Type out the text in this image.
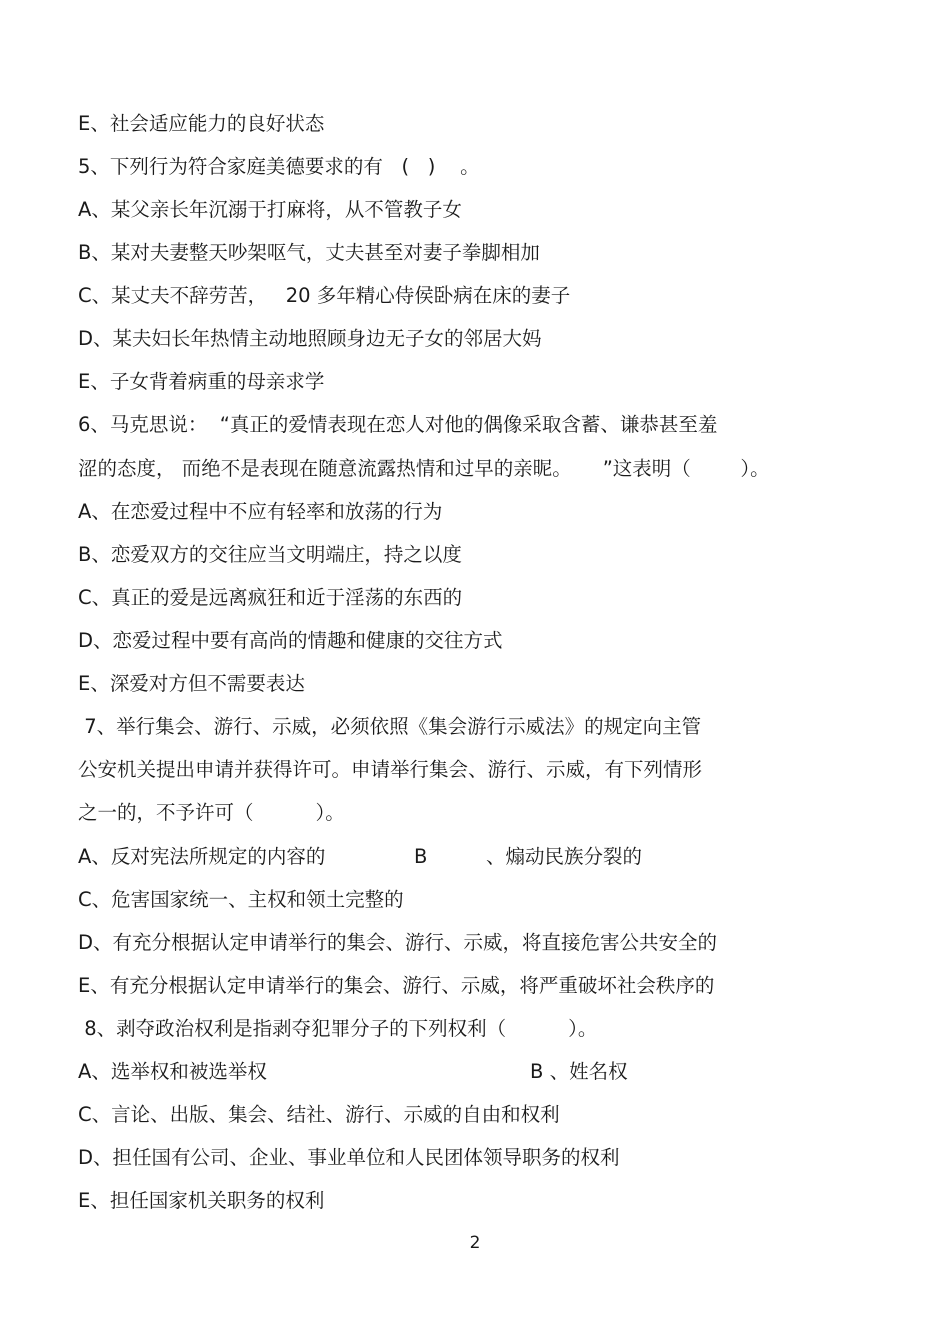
E、社会适应能力的良好状态
5、下列行为符合家庭美德要求的有   (   )    。
A、某父亲长年沉溺于打麻将，从不管教子女
B、某对夫妻整天吵架呕气，丈夫甚至对妻子拳脚相加
C、某丈夫不辞劳苦，   20 多年精心侍侯卧病在床的妻子
D、某夫妇长年热情主动地照顾身边无子女的邻居大妈
E、子女背着病重的母亲求学
6、马克思说：  “真正的爱情表现在恋人对他的偶像采取含蓄、谦恭甚至羞
涩的态度， 而绝不是表现在随意流露热情和过早的亲昵。     ”这表明（        ）。
A、在恋爱过程中不应有轻率和放荡的行为
B、恋爱双方的交往应当文明端庄，持之以度
C、真正的爱是远离疯狂和近于淫荡的东西的
D、恋爱过程中要有高尚的情趣和健康的交往方式
E、深爱对方但不需要表达
7、举行集会、游行、示威，必须依照《集会游行示威法》的规定向主管
公安机关提出申请并获得许可。申请举行集会、游行、示威，有下列情形
之一的，不予许可（          ）。
A、反对宪法所规定的内容的	B	、煽动民族分裂的
C、危害国家统一、主权和领土完整的
D、有充分根据认定申请举行的集会、游行、示威，将直接危害公共安全的
E、有充分根据认定申请举行的集会、游行、示威，将严重破坏社会秩序的
8、剥夺政治权利是指剥夺犯罪分子的下列权利（          ）。
A、选举权和被选举权	B 、姓名权
C、言论、出版、集会、结社、游行、示威的自由和权利
D、担任国有公司、企业、事业单位和人民团体领导职务的权利
E、担任国家机关职务的权利
2
